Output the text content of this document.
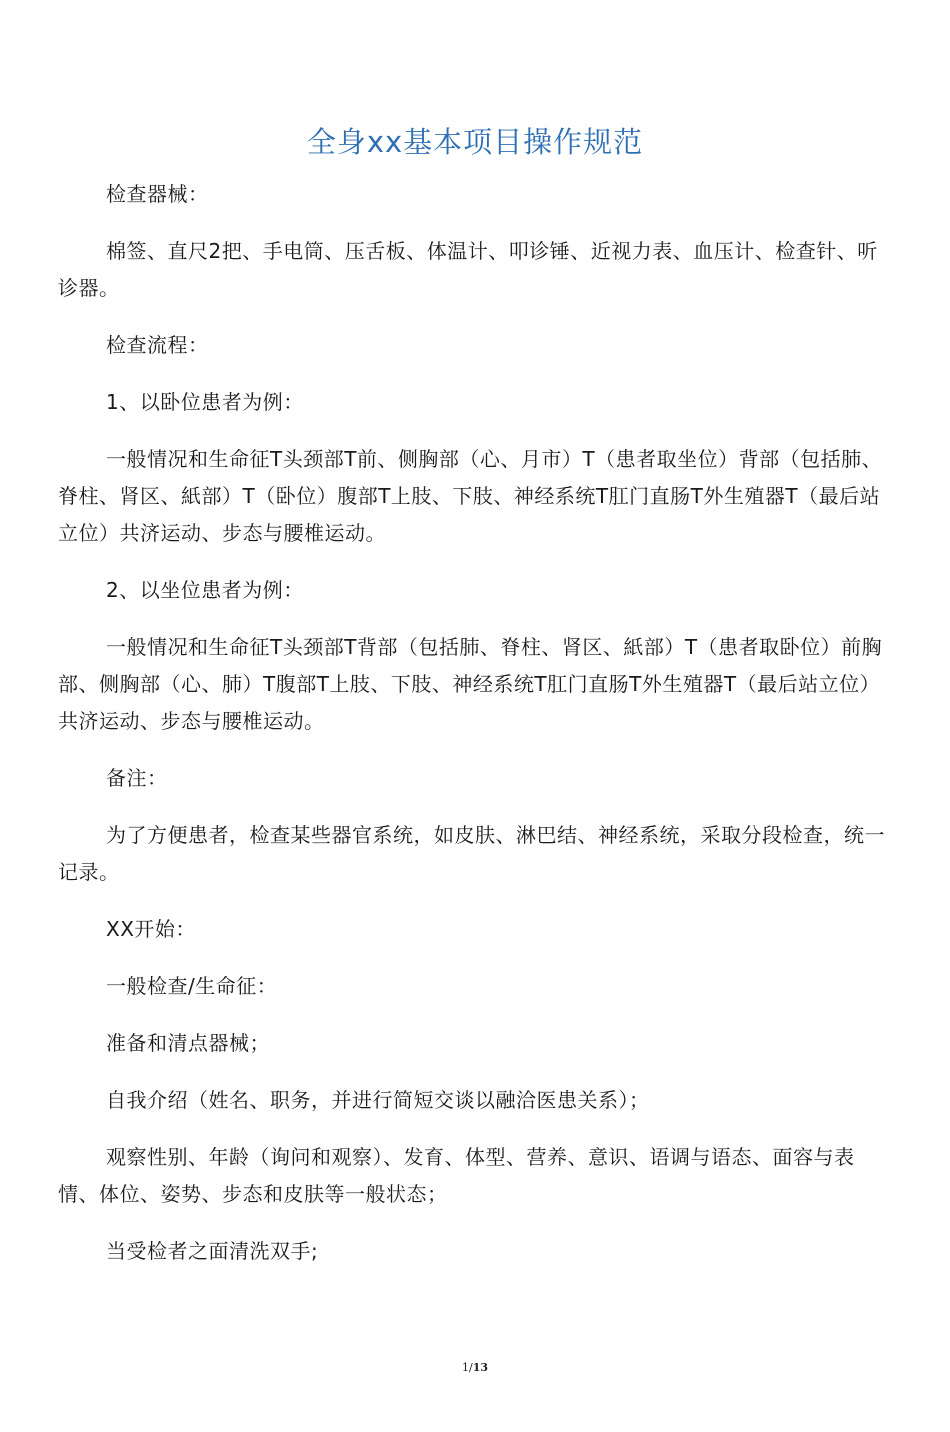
全身xx基本项目操作规范

检查器械：

棉签、直尺2把、手电筒、压舌板、体温计、叩诊锤、近视力表、血压计、检查针、听诊器。

检查流程：

1、以卧位患者为例：

一般情况和生命征T头颈部T前、侧胸部（心、月市）T（患者取坐位）背部（包括肺、脊柱、肾区、紙部）T（卧位）腹部T上肢、下肢、神经系统T肛门直肠T外生殖器T（最后站立位）共济运动、步态与腰椎运动。

2、以坐位患者为例：

一般情况和生命征T头颈部T背部（包括肺、脊柱、肾区、紙部）T（患者取卧位）前胸部、侧胸部（心、肺）T腹部T上肢、下肢、神经系统T肛门直肠T外生殖器T（最后站立位）共济运动、步态与腰椎运动。

备注：

为了方便患者，检查某些器官系统，如皮肤、淋巴结、神经系统，采取分段检查，统一记录。

XX开始：

一般检查/生命征：

准备和清点器械；

自我介绍（姓名、职务，并进行简短交谈以融洽医患关系）；

观察性别、年龄（询问和观察）、发育、体型、营养、意识、语调与语态、面容与表情、体位、姿势、步态和皮肤等一般状态；

当受检者之面清洗双手;

1/13
